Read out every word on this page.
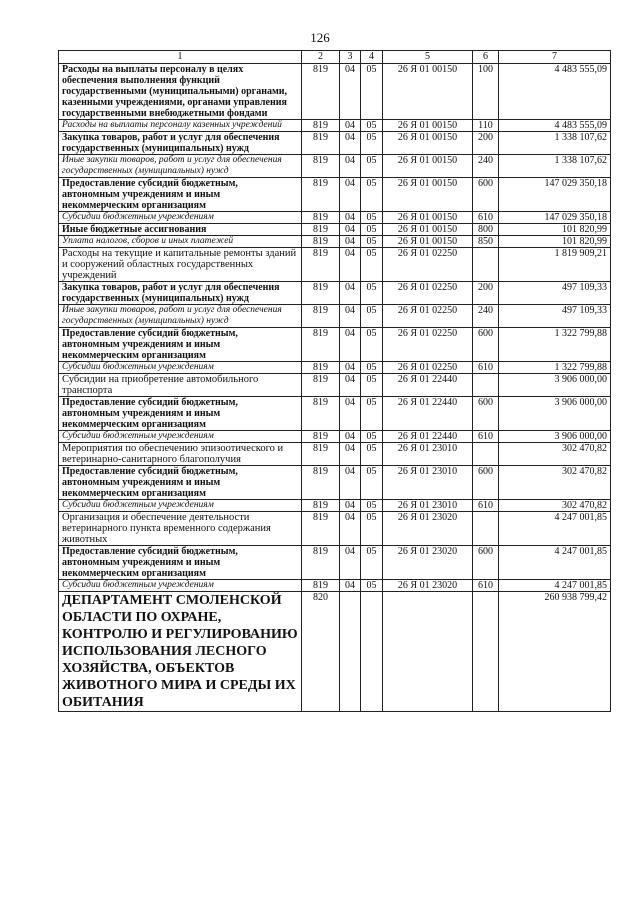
126
1	2	3	4	5	6	7
Расходы на выплаты персоналу в целях обеспечения выполнения функций государственными (муниципальными) органами, казенными учреждениями, органами управления государственными внебюджетными фондами	819	04	05	26 Я 01 00150	100	4 483 555,09
Расходы на выплаты персоналу казенных учреждений	819	04	05	26 Я 01 00150	110	4 483 555,09
Закупка товаров, работ и услуг для обеспечения государственных (муниципальных) нужд	819	04	05	26 Я 01 00150	200	1 338 107,62
Иные закупки товаров, работ и услуг для обеспечения государственных (муниципальных) нужд	819	04	05	26 Я 01 00150	240	1 338 107,62
Предоставление субсидий бюджетным, автономным учреждениям и иным некоммерческим организациям	819	04	05	26 Я 01 00150	600	147 029 350,18
Субсидии бюджетным учреждениям	819	04	05	26 Я 01 00150	610	147 029 350,18
Иные бюджетные ассигнования	819	04	05	26 Я 01 00150	800	101 820,99
Уплата налогов, сборов и иных платежей	819	04	05	26 Я 01 00150	850	101 820,99
Расходы на текущие и капитальные ремонты зданий и сооружений областных государственных учреждений	819	04	05	26 Я 01 02250		1 819 909,21
Закупка товаров, работ и услуг для обеспечения государственных (муниципальных) нужд	819	04	05	26 Я 01 02250	200	497 109,33
Иные закупки товаров, работ и услуг для обеспечения государственных (муниципальных) нужд	819	04	05	26 Я 01 02250	240	497 109,33
Предоставление субсидий бюджетным, автономным учреждениям и иным некоммерческим организациям	819	04	05	26 Я 01 02250	600	1 322 799,88
Субсидии бюджетным учреждениям	819	04	05	26 Я 01 02250	610	1 322 799,88
Субсидии на приобретение автомобильного транспорта	819	04	05	26 Я 01 22440		3 906 000,00
Предоставление субсидий бюджетным, автономным учреждениям и иным некоммерческим организациям	819	04	05	26 Я 01 22440	600	3 906 000,00
Субсидии бюджетным учреждениям	819	04	05	26 Я 01 22440	610	3 906 000,00
Мероприятия по обеспечению эпизоотического и ветеринарно-санитарного благополучия	819	04	05	26 Я 01 23010		302 470,82
Предоставление субсидий бюджетным, автономным учреждениям и иным некоммерческим организациям	819	04	05	26 Я 01 23010	600	302 470,82
Субсидии бюджетным учреждениям	819	04	05	26 Я 01 23010	610	302 470,82
Организация и обеспечение деятельности ветеринарного пункта временного содержания животных	819	04	05	26 Я 01 23020		4 247 001,85
Предоставление субсидий бюджетным, автономным учреждениям и иным некоммерческим организациям	819	04	05	26 Я 01 23020	600	4 247 001,85
Субсидии бюджетным учреждениям	819	04	05	26 Я 01 23020	610	4 247 001,85
ДЕПАРТАМЕНТ СМОЛЕНСКОЙ ОБЛАСТИ ПО ОХРАНЕ, КОНТРОЛЮ И РЕГУЛИРОВАНИЮ ИСПОЛЬЗОВАНИЯ ЛЕСНОГО ХОЗЯЙСТВА, ОБЪЕКТОВ ЖИВОТНОГО МИРА И СРЕДЫ ИХ ОБИТАНИЯ	820					260 938 799,42
